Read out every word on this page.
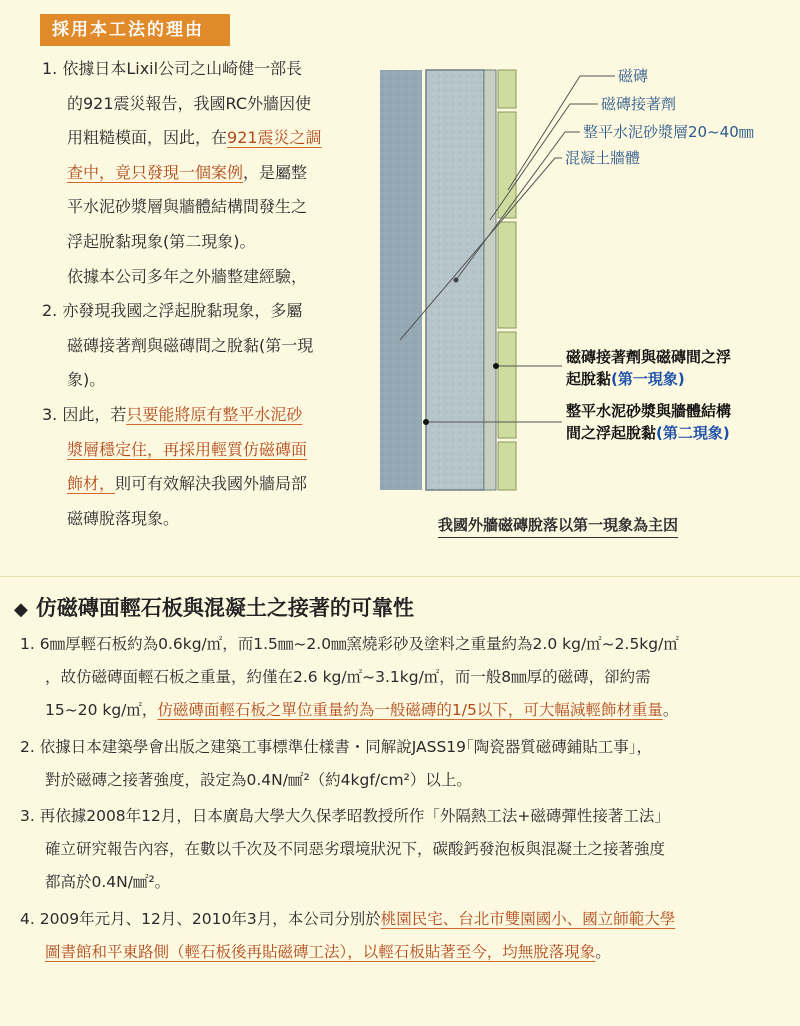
採用本工法的理由
1. 依據日本Lixil公司之山崎健一部長
的921震災報告，我國RC外牆因使
用粗糙模面，因此，在921震災之調
查中，竟只發現一個案例，是屬整
平水泥砂漿層與牆體結構間發生之
浮起脫黏現象(第二現象)。
依據本公司多年之外牆整建經驗，
2. 亦發現我國之浮起脫黏現象，多屬
磁磚接著劑與磁磚間之脫黏(第一現
象)。
3. 因此，若只要能將原有整平水泥砂
漿層穩定住，再採用輕質仿磁磚面
飾材，則可有效解決我國外牆局部
磁磚脫落現象。
磁磚
磁磚接著劑
整平水泥砂漿層20~40㎜
混凝土牆體
磁磚接著劑與磁磚間之浮
起脫黏(第一現象)
整平水泥砂漿與牆體結構
間之浮起脫黏(第二現象)
我國外牆磁磚脫落以第一現象為主因
◆ 仿磁磚面輕石板與混凝土之接著的可靠性
1. 6㎜厚輕石板約為0.6kg/㎡，而1.5㎜~2.0㎜窯燒彩砂及塗料之重量約為2.0 kg/㎡~2.5kg/㎡
，故仿磁磚面輕石板之重量，約僅在2.6 kg/㎡~3.1kg/㎡，而一般8㎜厚的磁磚，卻約需
15~20 kg/㎡，仿磁磚面輕石板之單位重量約為一般磁磚的1/5以下，可大幅減輕飾材重量。
2. 依據日本建築學會出版之建築工事標準仕樣書・同解說JASS19｢陶瓷器質磁磚鋪貼工事」，
對於磁磚之接著強度，設定為0.4N/㎟²（約4kgf/cm²）以上。
3. 再依據2008年12月，日本廣島大學大久保孝昭教授所作「外隔熱工法+磁磚彈性接著工法」
確立研究報告內容，在數以千次及不同惡劣環境狀況下，碳酸鈣發泡板與混凝土之接著強度
都高於0.4N/㎟²。
4. 2009年元月、12月、2010年3月，本公司分別於桃園民宅、台北市雙園國小、國立師範大學
圖書館和平東路側（輕石板後再貼磁磚工法），以輕石板貼著至今，均無脫落現象。
